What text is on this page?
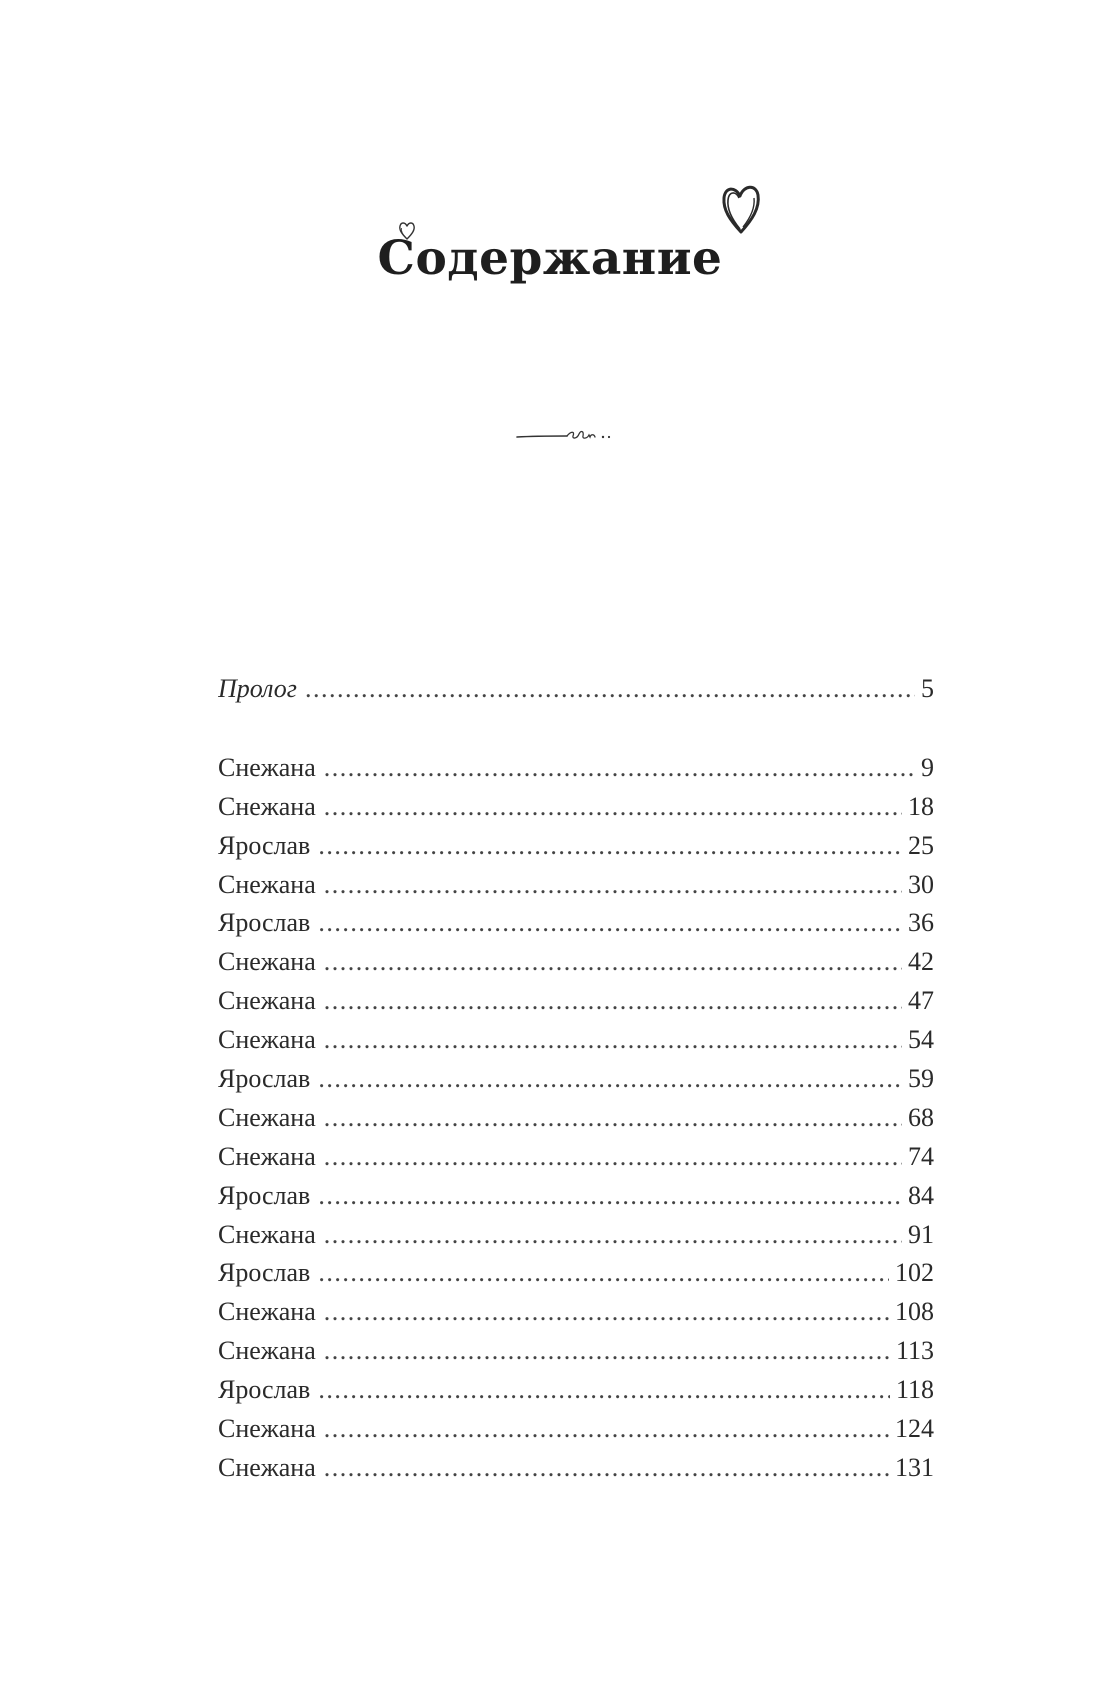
Содержание
Пролог .....	5
Снежана .....	9
Снежана .....	18
Ярослав .....	25
Снежана .....	30
Ярослав .....	36
Снежана .....	42
Снежана .....	47
Снежана .....	54
Ярослав .....	59
Снежана .....	68
Снежана .....	74
Ярослав .....	84
Снежана .....	91
Ярослав .....	102
Снежана .....	108
Снежана .....	113
Ярослав .....	118
Снежана .....	124
Снежана .....	131
